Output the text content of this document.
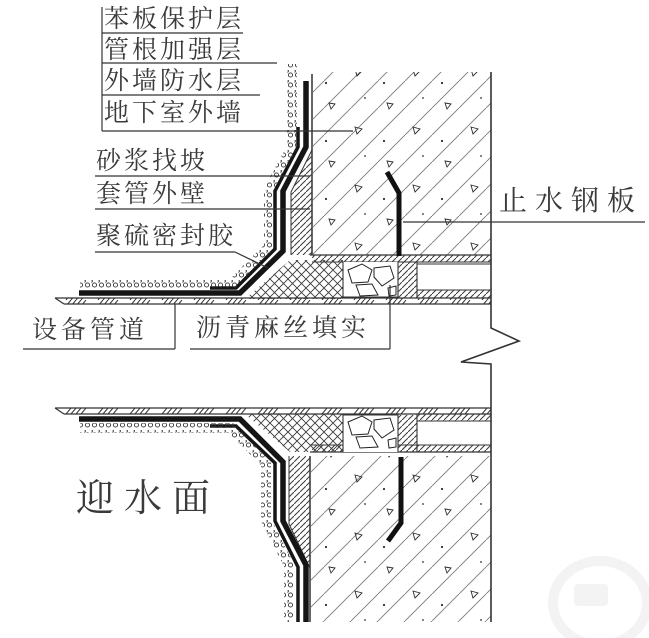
苯板保护层
管根加强层
外墙防水层
地下室外墙
砂浆找坡
套管外壁
聚硫密封胶
设备管道 沥青麻丝填实
止水钢板
迎水面
